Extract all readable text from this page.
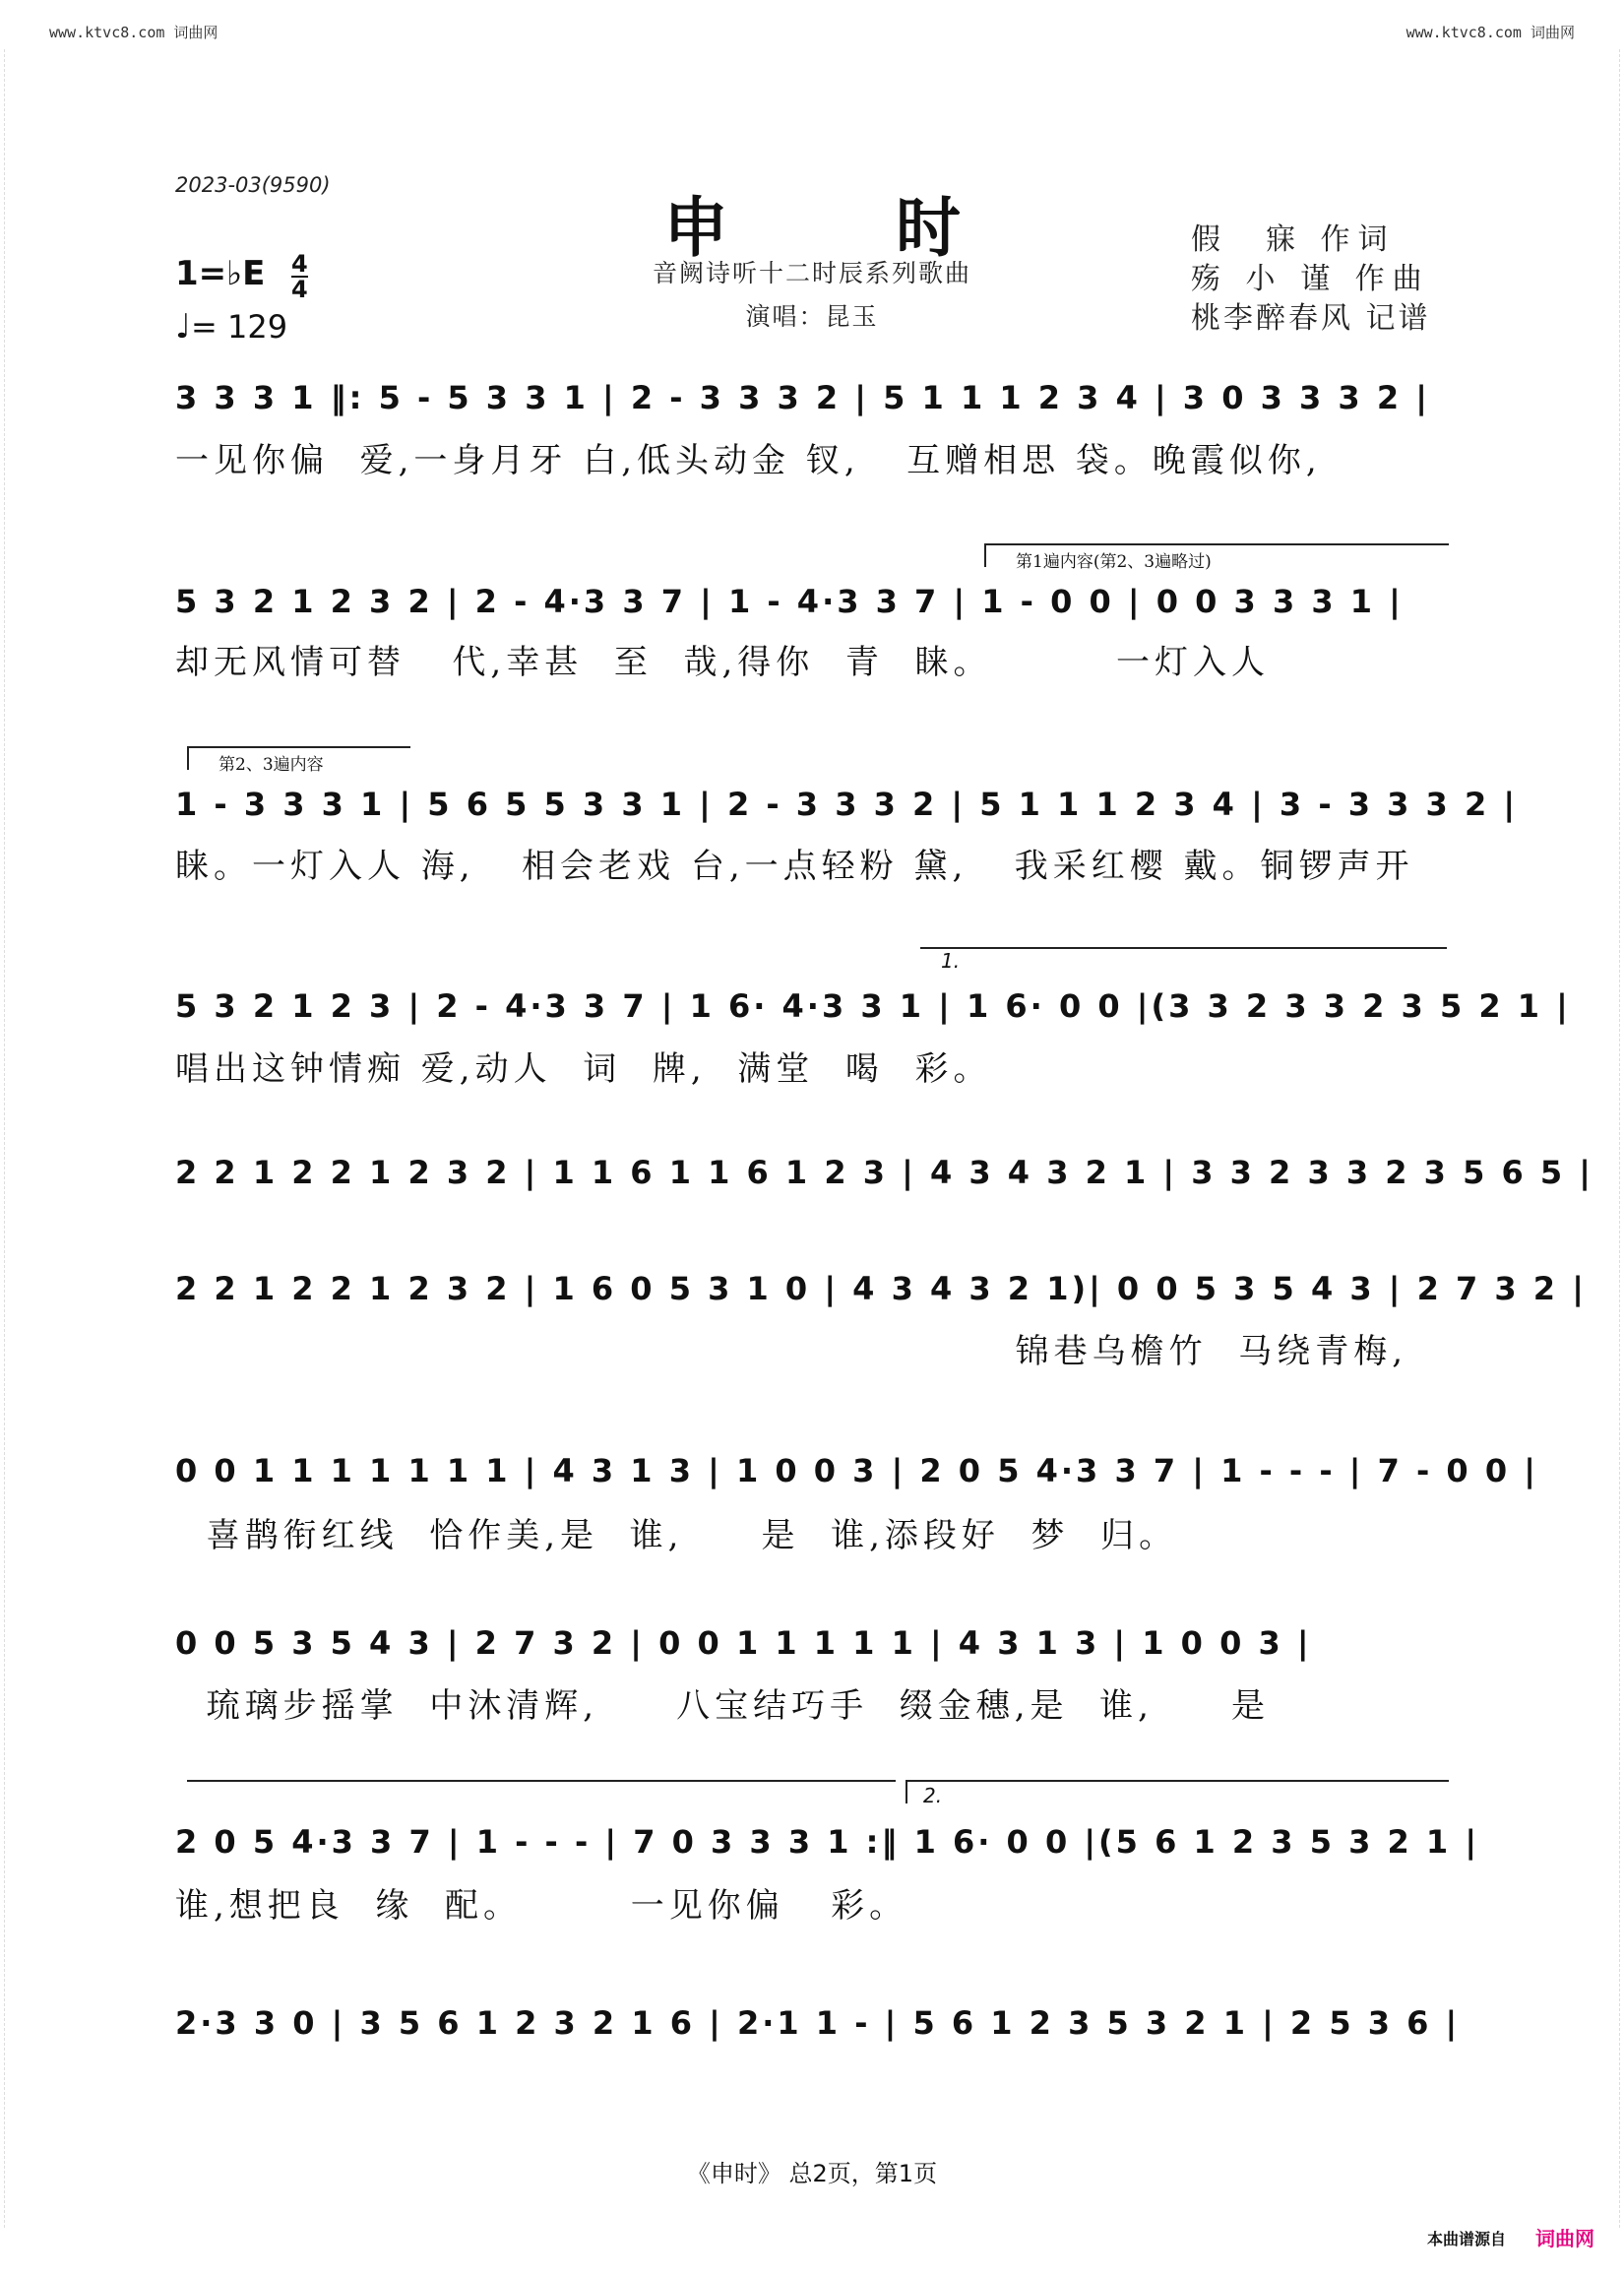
www.ktvc8.com 词曲网	www.ktvc8.com 词曲网
2023-03(9590)
申时
音阙诗听十二时辰系列歌曲
演唱：昆玉
假　寐 作词
殇 小 谨 作曲
桃李醉春风 记谱
1=♭E 4
4
♩= 129
3 3 3 1 ‖: 5 - 5 3 3 1 | 2 - 3 3 3 2 | 5 1 1 1 2 3 4 | 3 0 3 3 3 2 |
一见你偏  爱,一身月牙 白,低头动金 钗,   互赠相思 袋。晚霞似你,
第1遍内容(第2、3遍略过)
5 3 2 1 2 3 2 | 2 - 4·3 3 7 | 1 - 4·3 3 7 | 1 - 0 0 | 0 0 3 3 3 1 |
却无风情可替   代,幸甚  至  哉,得你  青  睐。        一灯入人
第2、3遍内容
1 - 3 3 3 1 | 5 6 5 5 3 3 1 | 2 - 3 3 3 2 | 5 1 1 1 2 3 4 | 3 - 3 3 3 2 |
睐。一灯入人 海,   相会老戏 台,一点轻粉 黛,   我采红樱 戴。铜锣声开
1.
5 3 2 1 2 3 | 2 - 4·3 3 7 | 1 6· 4·3 3 1 | 1 6· 0 0 |(3 3 2 3 3 2 3 5 2 1 |
唱出这钟情痴 爱,动人  词  牌,  满堂  喝  彩。
2 2 1 2 2 1 2 3 2 | 1 1 6 1 1 6 1 2 3 | 4 3 4 3 2 1 | 3 3 2 3 3 2 3 5 6 5 |
2 2 1 2 2 1 2 3 2 | 1 6 0 5 3 1 0 | 4 3 4 3 2 1)| 0 0 5 3 5 4 3 | 2 7 3 2 |
锦巷乌檐竹  马绕青梅,
0 0 1 1 1 1 1 1 1 | 4 3 1 3 | 1 0 0 3 | 2 0 5 4·3 3 7 | 1 - - - | 7 - 0 0 |
喜鹊衔红线  恰作美,是  谁,     是  谁,添段好  梦  归。
0 0 5 3 5 4 3 | 2 7 3 2 | 0 0 1 1 1 1 1 | 4 3 1 3 | 1 0 0 3 |
琉璃步摇掌  中沐清辉,     八宝结巧手  缀金穗,是  谁,     是
2.
2 0 5 4·3 3 7 | 1 - - - | 7 0 3 3 3 1 :‖ 1 6· 0 0 |(5 6 1 2 3 5 3 2 1 |
谁,想把良  缘  配。       一见你偏   彩。
2·3 3 0 | 3 5 6 1 2 3 2 1 6 | 2·1 1 - | 5 6 1 2 3 5 3 2 1 | 2 5 3 6 |
《申时》 总2页，第1页
本曲谱源自 词曲网
